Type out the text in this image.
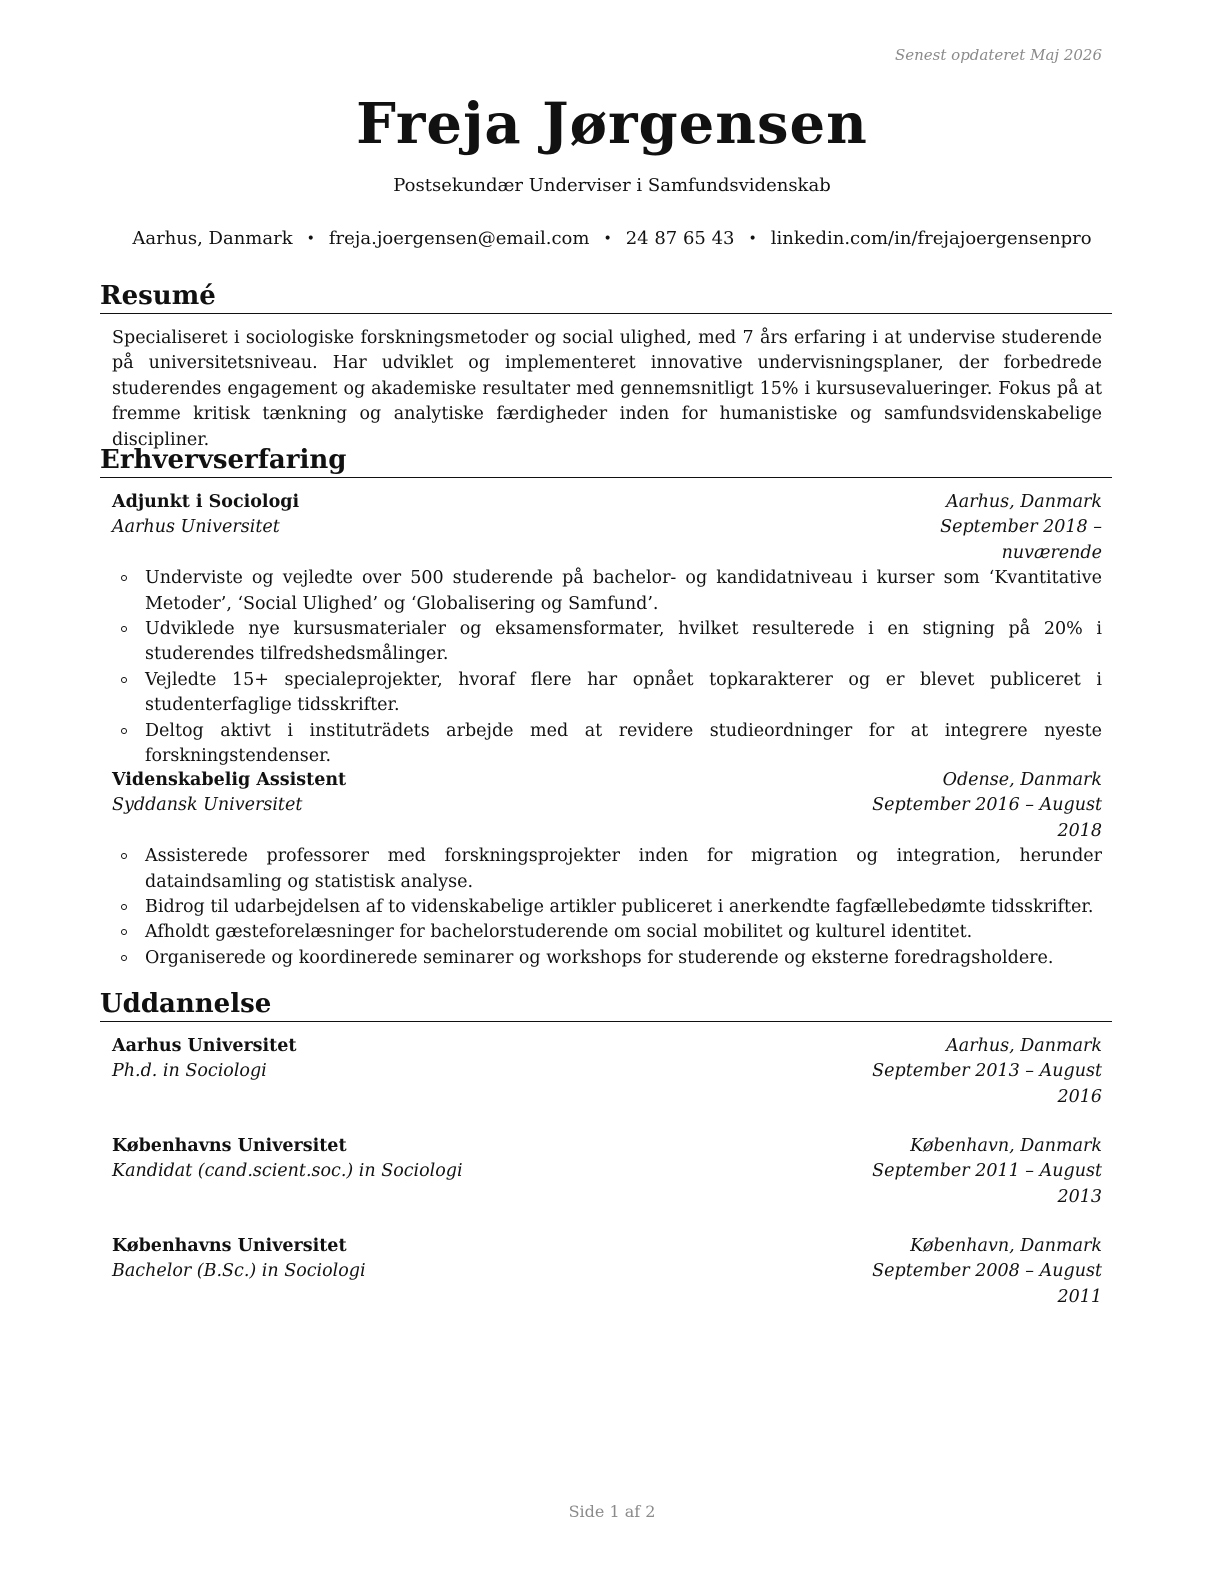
Senest opdateret Maj 2026
Freja Jørgensen
Postsekundær Underviser i Samfundsvidenskab
Aarhus, Danmark • freja.joergensen@email.com • 24 87 65 43 • linkedin.com/in/frejajoergensenpro
Resumé

Specialiseret i sociologiske forskningsmetoder og social ulighed, med 7 års erfaring i at undervise studerende på universitetsniveau. Har udviklet og implementeret innovative undervisningsplaner, der forbedrede studerendes engagement og akademiske resultater med gennemsnitligt 15% i kursusevalueringer. Fokus på at fremme kritisk tænkning og analytiske færdigheder inden for humanistiske og samfundsvidenskabelige discipliner.

Erhvervserfaring
Adjunkt i Sociologi	Aarhus, Danmark
Aarhus Universitet	September 2018 – nuværende
Underviste og vejledte over 500 studerende på bachelor- og kandidatniveau i kurser som ‘Kvantitative Metoder’, ‘Social Ulighed’ og ‘Globalisering og Samfund’.
Udviklede nye kursusmaterialer og eksamensformater, hvilket resulterede i en stigning på 20% i studerendes tilfredshedsmålinger.
Vejledte 15+ specialeprojekter, hvoraf flere har opnået topkarakterer og er blevet publiceret i studenterfaglige tidsskrifter.
Deltog aktivt i instituträdets arbejde med at revidere studieordninger for at integrere nyeste forskningstendenser.
Videnskabelig Assistent	Odense, Danmark
Syddansk Universitet	September 2016 – August 2018
Assisterede professorer med forskningsprojekter inden for migration og integration, herunder dataindsamling og statistisk analyse.
Bidrog til udarbejdelsen af to videnskabelige artikler publiceret i anerkendte fagfællebedømte tidsskrifter.
Afholdt gæsteforelæsninger for bachelorstuderende om social mobilitet og kulturel identitet.
Organiserede og koordinerede seminarer og workshops for studerende og eksterne foredragsholdere.
Uddannelse
Aarhus Universitet	Aarhus, Danmark
Ph.d. in Sociologi	September 2013 – August 2016
Københavns Universitet	København, Danmark
Kandidat (cand.scient.soc.) in Sociologi	September 2011 – August 2013
Københavns Universitet	København, Danmark
Bachelor (B.Sc.) in Sociologi	September 2008 – August 2011
Side 1 af 2
